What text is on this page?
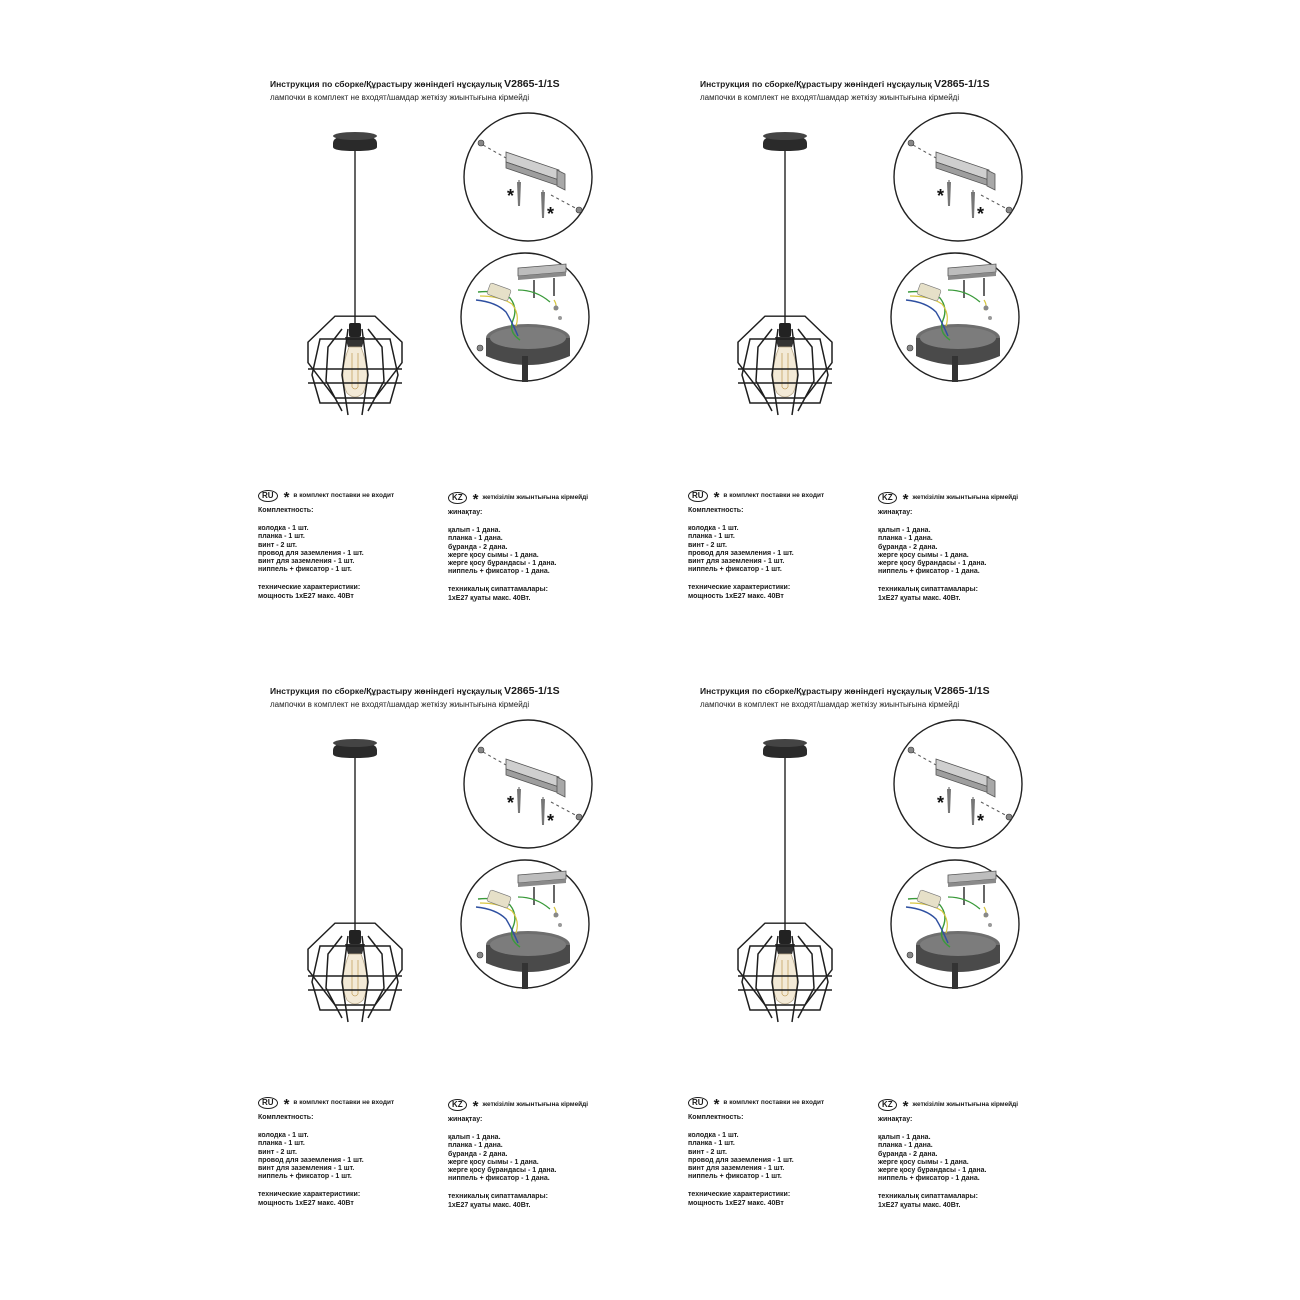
Инструкция по сборке/Құрастыру жөніндегі нұсқаулық V2865-1/1S
лампочки в комплект не входят/шамдар жеткізу жиынтығына кірмейді
*
*
RU * в комплект поставки не входит
Комплектность:
колодка - 1 шт.
планка - 1 шт.
винт - 2 шт.
провод для заземления - 1 шт.
винт для заземления - 1 шт.
ниппель + фиксатор - 1 шт.
технические характеристики:
мощность 1xE27 макс. 40Вт
KZ * жеткізілім жиынтығына кірмейді
жинақтау:
қалып - 1 дана.
планка - 1 дана.
бұранда - 2 дана.
жерге қосу сымы - 1 дана.
жерге қосу бұрандасы - 1 дана.
ниппель + фиксатор - 1 дана.
техникалық сипаттамалары:
1xE27 қуаты макс. 40Вт.
Инструкция по сборке/Құрастыру жөніндегі нұсқаулық V2865-1/1S
лампочки в комплект не входят/шамдар жеткізу жиынтығына кірмейді
*
*
RU * в комплект поставки не входит
Комплектность:
колодка - 1 шт.
планка - 1 шт.
винт - 2 шт.
провод для заземления - 1 шт.
винт для заземления - 1 шт.
ниппель + фиксатор - 1 шт.
технические характеристики:
мощность 1xE27 макс. 40Вт
KZ * жеткізілім жиынтығына кірмейді
жинақтау:
қалып - 1 дана.
планка - 1 дана.
бұранда - 2 дана.
жерге қосу сымы - 1 дана.
жерге қосу бұрандасы - 1 дана.
ниппель + фиксатор - 1 дана.
техникалық сипаттамалары:
1xE27 қуаты макс. 40Вт.
Инструкция по сборке/Құрастыру жөніндегі нұсқаулық V2865-1/1S
лампочки в комплект не входят/шамдар жеткізу жиынтығына кірмейді
*
*
RU * в комплект поставки не входит
Комплектность:
колодка - 1 шт.
планка - 1 шт.
винт - 2 шт.
провод для заземления - 1 шт.
винт для заземления - 1 шт.
ниппель + фиксатор - 1 шт.
технические характеристики:
мощность 1xE27 макс. 40Вт
KZ * жеткізілім жиынтығына кірмейді
жинақтау:
қалып - 1 дана.
планка - 1 дана.
бұранда - 2 дана.
жерге қосу сымы - 1 дана.
жерге қосу бұрандасы - 1 дана.
ниппель + фиксатор - 1 дана.
техникалық сипаттамалары:
1xE27 қуаты макс. 40Вт.
Инструкция по сборке/Құрастыру жөніндегі нұсқаулық V2865-1/1S
лампочки в комплект не входят/шамдар жеткізу жиынтығына кірмейді
*
*
RU * в комплект поставки не входит
Комплектность:
колодка - 1 шт.
планка - 1 шт.
винт - 2 шт.
провод для заземления - 1 шт.
винт для заземления - 1 шт.
ниппель + фиксатор - 1 шт.
технические характеристики:
мощность 1xE27 макс. 40Вт
KZ * жеткізілім жиынтығына кірмейді
жинақтау:
қалып - 1 дана.
планка - 1 дана.
бұранда - 2 дана.
жерге қосу сымы - 1 дана.
жерге қосу бұрандасы - 1 дана.
ниппель + фиксатор - 1 дана.
техникалық сипаттамалары:
1xE27 қуаты макс. 40Вт.
